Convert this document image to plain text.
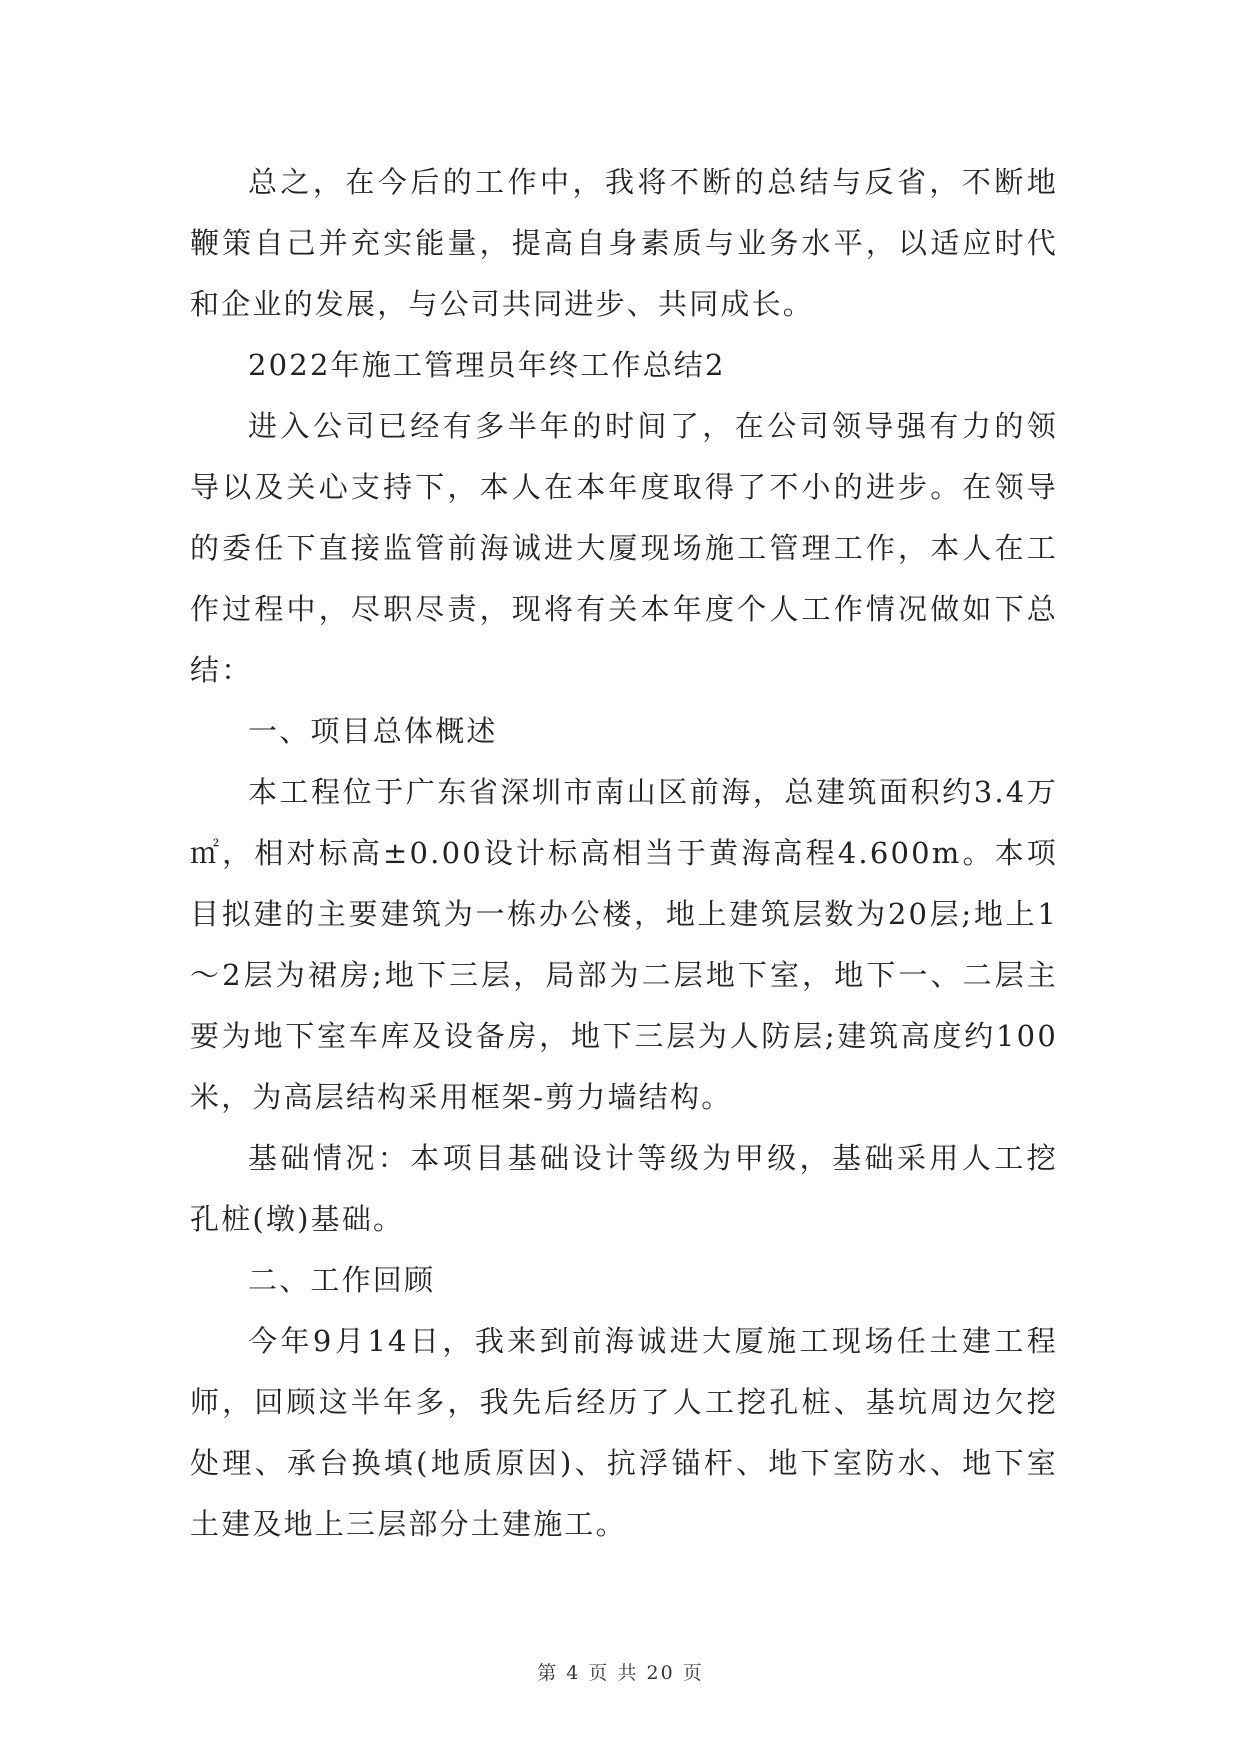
总之，在今后的工作中，我将不断的总结与反省，不断地鞭策自己并充实能量，提高自身素质与业务水平，以适应时代和企业的发展，与公司共同进步、共同成长。

2022年施工管理员年终工作总结2

进入公司已经有多半年的时间了，在公司领导强有力的领导以及关心支持下，本人在本年度取得了不小的进步。在领导的委任下直接监管前海诚进大厦现场施工管理工作，本人在工作过程中，尽职尽责，现将有关本年度个人工作情况做如下总结：

一、项目总体概述

本工程位于广东省深圳市南山区前海，总建筑面积约3.4万㎡，相对标高±0.00设计标高相当于黄海高程4.600m。本项目拟建的主要建筑为一栋办公楼，地上建筑层数为20层;地上1～2层为裙房;地下三层，局部为二层地下室，地下一、二层主要为地下室车库及设备房，地下三层为人防层;建筑高度约100米，为高层结构采用框架-剪力墙结构。

基础情况：本项目基础设计等级为甲级，基础采用人工挖孔桩(墩)基础。

二、工作回顾

今年9月14日，我来到前海诚进大厦施工现场任土建工程师，回顾这半年多，我先后经历了人工挖孔桩、基坑周边欠挖处理、承台换填(地质原因)、抗浮锚杆、地下室防水、地下室土建及地上三层部分土建施工。

第 4 页 共 20 页
